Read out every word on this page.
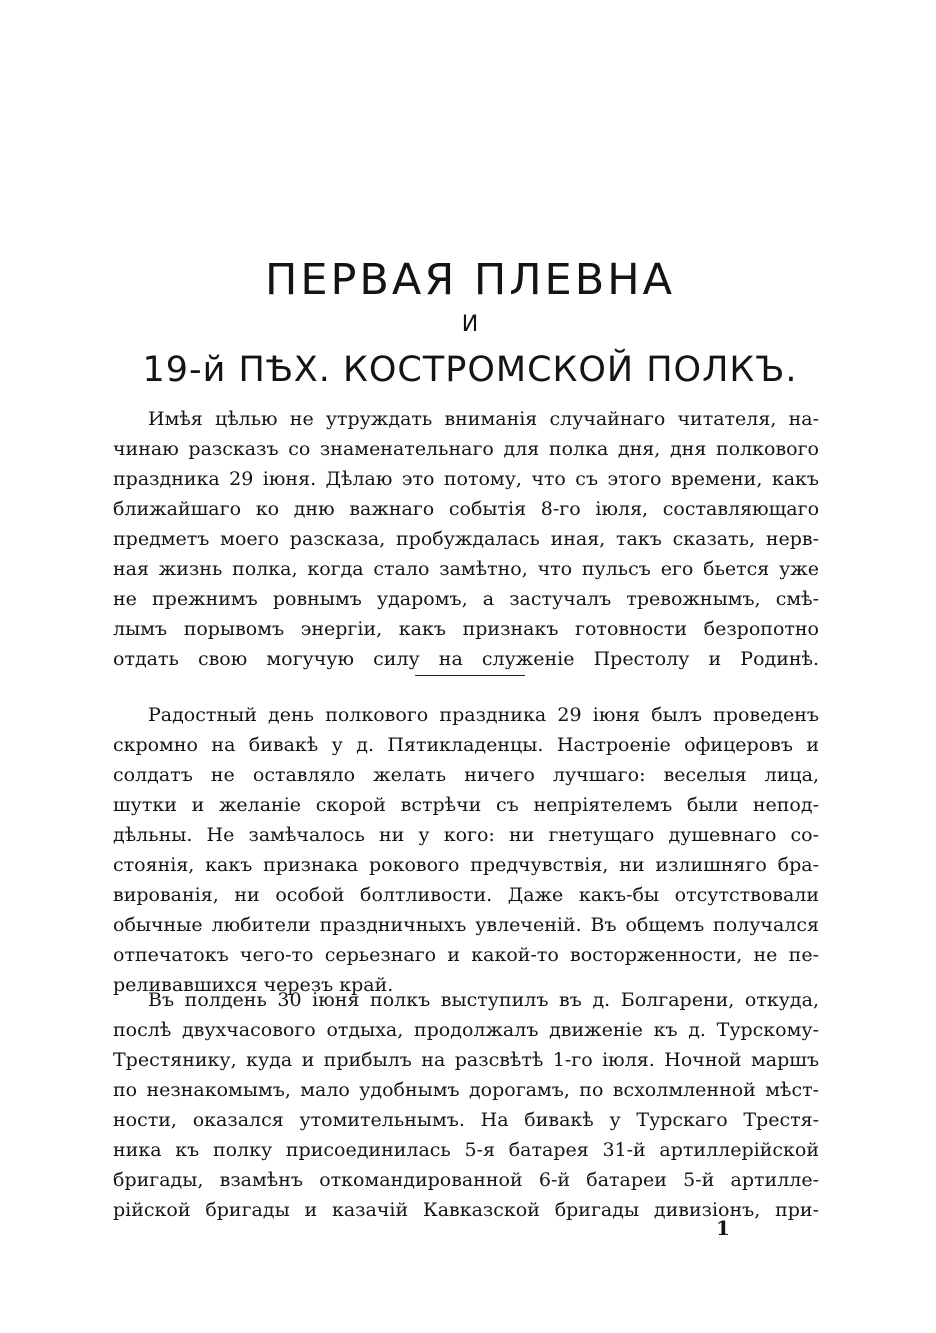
ПЕРВАЯ ПЛЕВНА
И
19-й ПѢХ. КОСТРОМСКОЙ ПОЛКЪ.
Имѣя цѣлью не утруждать вниманія случайнаго читателя, на-
чинаю разсказъ со знаменательнаго для полка дня, дня полкового
праздника 29 іюня. Дѣлаю это потому, что съ этого времени, какъ
ближайшаго ко дню важнаго событія 8-го іюля, составляющаго
предметъ моего разсказа, пробуждалась иная, такъ сказать, нерв-
ная жизнь полка, когда стало замѣтно, что пульсъ его бьется уже
не прежнимъ ровнымъ ударомъ, а застучалъ тревожнымъ, смѣ-
лымъ порывомъ энергіи, какъ признакъ готовности безропотно
отдать свою могучую силу на служеніе Престолу и Родинѣ.
Радостный день полкового праздника 29 іюня былъ проведенъ
скромно на бивакѣ у д. Пятикладенцы. Настроеніе офицеровъ и
солдатъ не оставляло желать ничего лучшаго: веселыя лица,
шутки и желаніе скорой встрѣчи съ непріятелемъ были непод-
дѣльны. Не замѣчалось ни у кого: ни гнетущаго душевнаго со-
стоянія, какъ признака рокового предчувствія, ни излишняго бра-
вированія, ни особой болтливости. Даже какъ-бы отсутствовали
обычные любители праздничныхъ увлеченій. Въ общемъ получался
отпечатокъ чего-то серьезнаго и какой-то восторженности, не пе-
реливавшихся черезъ край.
Въ полдень 30 іюня полкъ выступилъ въ д. Болгарени, откуда,
послѣ двухчасового отдыха, продолжалъ движеніе къ д. Турскому-
Трестянику, куда и прибылъ на разсвѣтѣ 1-го іюля. Ночной маршъ
по незнакомымъ, мало удобнымъ дорогамъ, по всхолмленной мѣст-
ности, оказался утомительнымъ. На бивакѣ у Турскаго Трестя-
ника къ полку присоединилась 5-я батарея 31-й артиллерійской
бригады, взамѣнъ откомандированной 6-й батареи 5-й артилле-
рійской бригады и казачій Кавказской бригады дивизіонъ, при-
1
